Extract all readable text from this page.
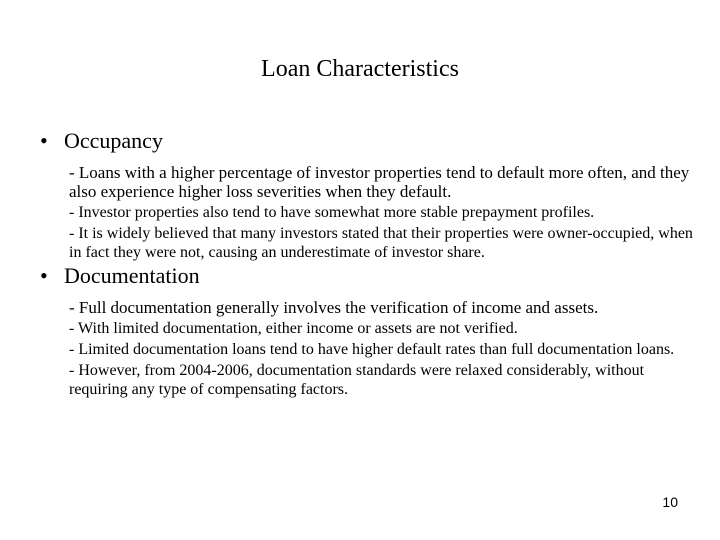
Loan Characteristics
• Occupancy
- Loans with a higher percentage of investor properties tend to default more often, and they also experience higher loss severities when they default.
- Investor properties also tend to have somewhat more stable prepayment profiles.
- It is widely believed that many investors stated that their properties were owner-occupied, when in fact they were not, causing an underestimate of investor share.
• Documentation
- Full documentation generally involves the verification of income and assets.
- With limited documentation, either income or assets are not verified.
- Limited documentation loans tend to have higher default rates than full documentation loans.
- However, from 2004-2006, documentation standards were relaxed considerably, without requiring any type of compensating factors.
10
